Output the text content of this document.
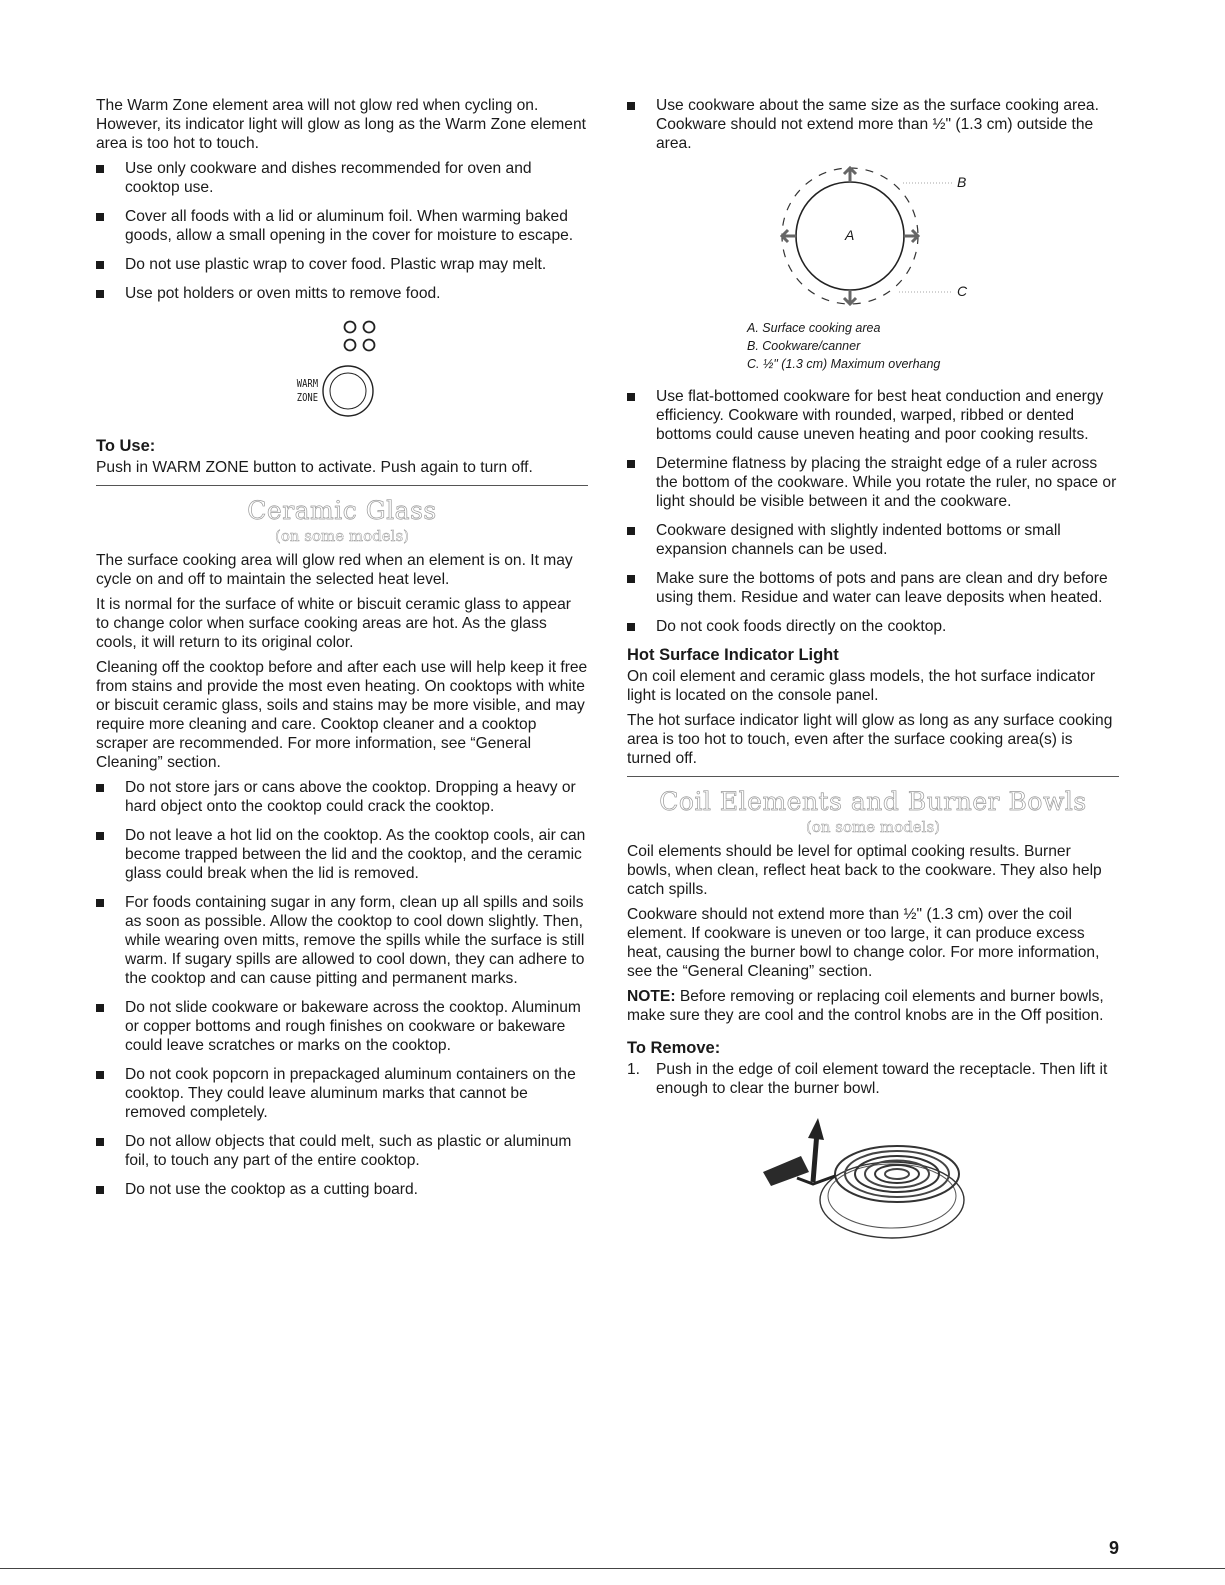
The Warm Zone element area will not glow red when cycling on. However, its indicator light will glow as long as the Warm Zone element area is too hot to touch.

Use only cookware and dishes recommended for oven and cooktop use.
Cover all foods with a lid or aluminum foil. When warming baked goods, allow a small opening in the cover for moisture to escape.
Do not use plastic wrap to cover food. Plastic wrap may melt.
Use pot holders or oven mitts to remove food.
WARM
ZONE
To Use:

Push in WARM ZONE button to activate. Push again to turn off.

Ceramic Glass
(on some models)

The surface cooking area will glow red when an element is on. It may cycle on and off to maintain the selected heat level.

It is normal for the surface of white or biscuit ceramic glass to appear to change color when surface cooking areas are hot. As the glass cools, it will return to its original color.

Cleaning off the cooktop before and after each use will help keep it free from stains and provide the most even heating. On cooktops with white or biscuit ceramic glass, soils and stains may be more visible, and may require more cleaning and care. Cooktop cleaner and a cooktop scraper are recommended. For more information, see “General Cleaning” section.

Do not store jars or cans above the cooktop. Dropping a heavy or hard object onto the cooktop could crack the cooktop.
Do not leave a hot lid on the cooktop. As the cooktop cools, air can become trapped between the lid and the cooktop, and the ceramic glass could break when the lid is removed.
For foods containing sugar in any form, clean up all spills and soils as soon as possible. Allow the cooktop to cool down slightly. Then, while wearing oven mitts, remove the spills while the surface is still warm. If sugary spills are allowed to cool down, they can adhere to the cooktop and can cause pitting and permanent marks.
Do not slide cookware or bakeware across the cooktop. Aluminum or copper bottoms and rough finishes on cookware or bakeware could leave scratches or marks on the cooktop.
Do not cook popcorn in prepackaged aluminum containers on the cooktop. They could leave aluminum marks that cannot be removed completely.
Do not allow objects that could melt, such as plastic or aluminum foil, to touch any part of the entire cooktop.
Do not use the cooktop as a cutting board.
Use cookware about the same size as the surface cooking area. Cookware should not extend more than ½" (1.3 cm) outside the area.
A
B
C
A. Surface cooking area
B. Cookware/canner
C. ½" (1.3 cm) Maximum overhang
Use flat-bottomed cookware for best heat conduction and energy efficiency. Cookware with rounded, warped, ribbed or dented bottoms could cause uneven heating and poor cooking results.
Determine flatness by placing the straight edge of a ruler across the bottom of the cookware. While you rotate the ruler, no space or light should be visible between it and the cookware.
Cookware designed with slightly indented bottoms or small expansion channels can be used.
Make sure the bottoms of pots and pans are clean and dry before using them. Residue and water can leave deposits when heated.
Do not cook foods directly on the cooktop.
Hot Surface Indicator Light

On coil element and ceramic glass models, the hot surface indicator light is located on the console panel.

The hot surface indicator light will glow as long as any surface cooking area is too hot to touch, even after the surface cooking area(s) is turned off.

Coil Elements and Burner Bowls
(on some models)

Coil elements should be level for optimal cooking results. Burner bowls, when clean, reflect heat back to the cookware. They also help catch spills.

Cookware should not extend more than ½" (1.3 cm) over the coil element. If cookware is uneven or too large, it can produce excess heat, causing the burner bowl to change color. For more information, see the “General Cleaning” section.

NOTE: Before removing or replacing coil elements and burner bowls, make sure they are cool and the control knobs are in the Off position.

To Remove:
1. Push in the edge of coil element toward the receptacle. Then lift it enough to clear the burner bowl.
9
